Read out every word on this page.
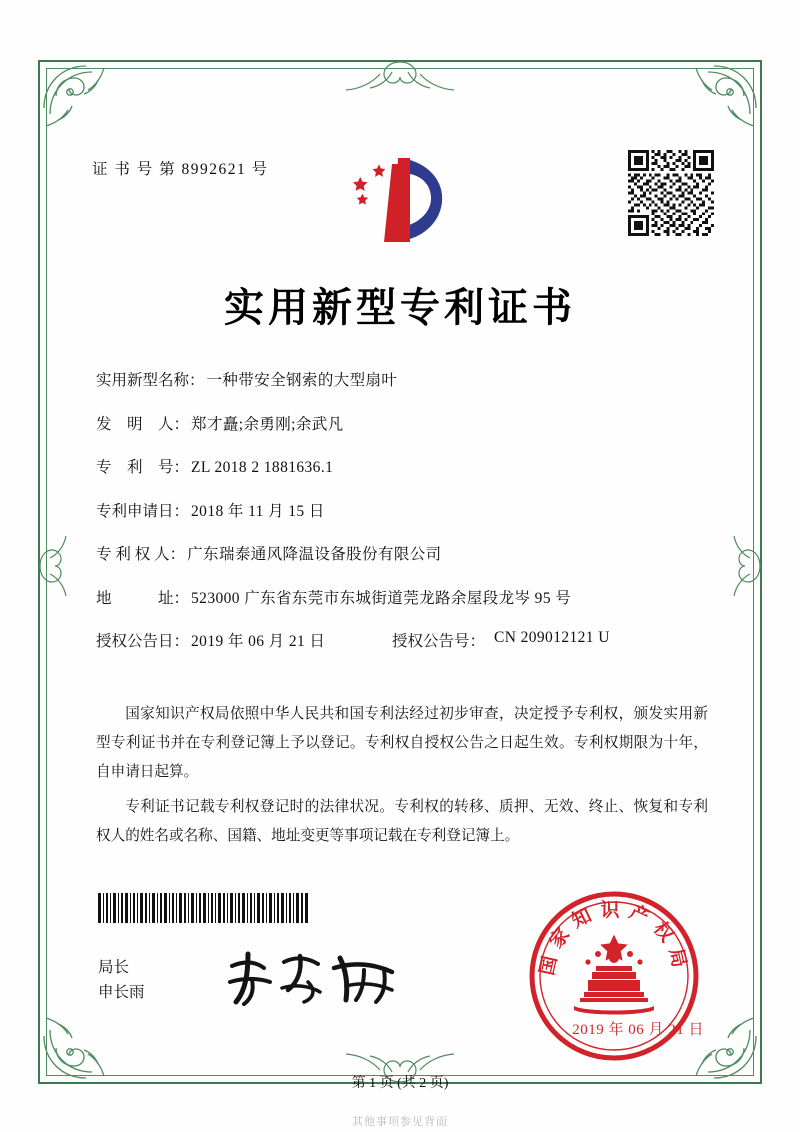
证 书 号 第 8992621 号
实用新型专利证书
实用新型名称 ： 一种带安全钢索的大型扇叶
发　明　人 ： 郑才矗;余勇刚;余武凡
专　利　号 ： ZL 2018 2 1881636.1
专利申请日 ： 2018 年 11 月 15 日
专 利 权 人 ： 广东瑞泰通风降温设备股份有限公司
地　　　址 ： 523000 广东省东莞市东城街道莞龙路余屋段龙岑 95 号
授权公告日 ： 2019 年 06 月 21 日	授权公告号： CN 209012121 U

国家知识产权局依照中华人民共和国专利法经过初步审查，决定授予专利权，颁发实用新型专利证书并在专利登记簿上予以登记。专利权自授权公告之日起生效。专利权期限为十年，自申请日起算。

专利证书记载专利权登记时的法律状况。专利权的转移、质押、无效、终止、恢复和专利权人的姓名或名称、国籍、地址变更等事项记载在专利登记簿上。

局长
申长雨
国家知识产权局
2019 年 06 月 21 日
第 1 页 (共 2 页)
其他事项参见背面
